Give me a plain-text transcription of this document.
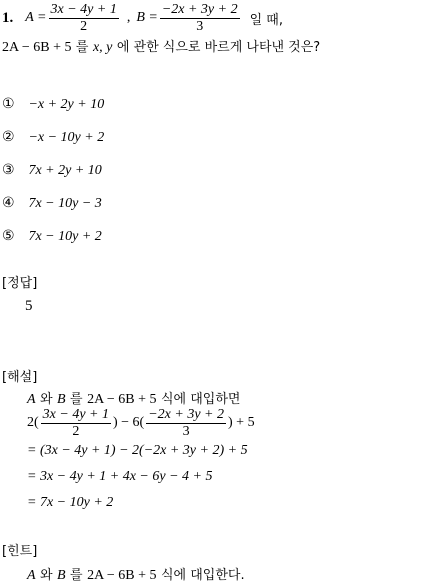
1. $A = \frac{3x - 4y + 1}{2}$ , $B = \frac{-2x + 3y + 2}{3}$ 일 때,
2A − 6B + 5 를 x, y 에 관한 식으로 바르게 나타낸 것은?
① −x + 2y + 10
② −x − 10y + 2
③ 7x + 2y + 10
④ 7x − 10y − 3
⑤ 7x − 10y + 2
[정답]
5
[해설]
A 와 B 를 2A − 6B + 5 식에 대입하면
$2( \frac{3x - 4y + 1}{2}$ ) − $6( \frac{-2x + 3y + 2}{3}$ ) + 5
= (3x − 4y + 1) − 2(−2x + 3y + 2) + 5
= 3x − 4y + 1 + 4x − 6y − 4 + 5
= 7x − 10y + 2
[힌트]
A 와 B 를 2A − 6B + 5 식에 대입한다.
